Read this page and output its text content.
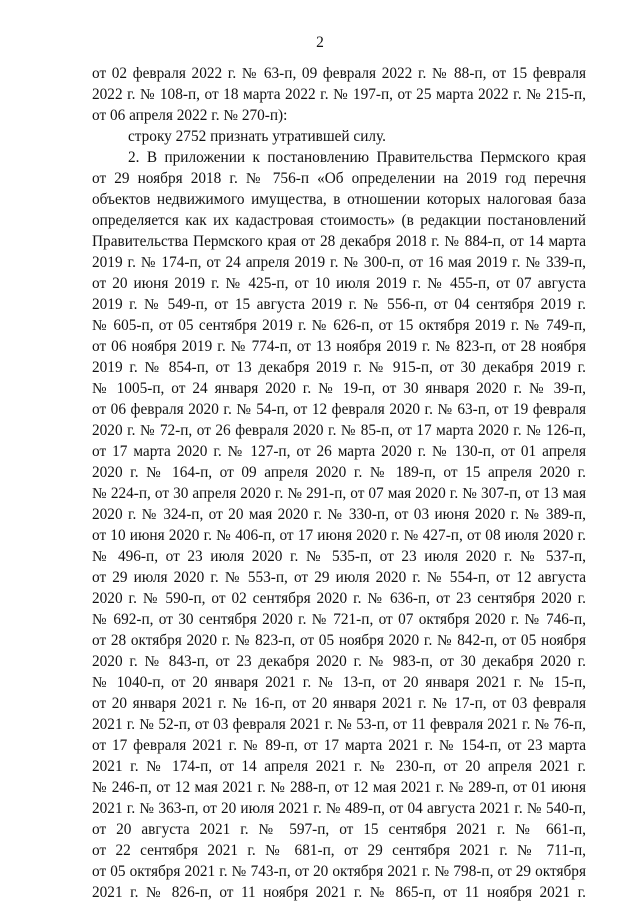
2
от 02 февраля 2022 г. № 63-п, 09 февраля 2022 г. № 88-п, от 15 февраля
2022 г. № 108-п, от 18 марта 2022 г. № 197-п, от 25 марта 2022 г. № 215-п,
от 06 апреля 2022 г. № 270-п):
строку 2752 признать утратившей силу.
2. В приложении к постановлению Правительства Пермского края
от 29 ноября 2018 г. № 756-п «Об определении на 2019 год перечня
объектов недвижимого имущества, в отношении которых налоговая база
определяется как их кадастровая стоимость» (в редакции постановлений
Правительства Пермского края от 28 декабря 2018 г. № 884-п, от 14 марта
2019 г. № 174-п, от 24 апреля 2019 г. № 300-п, от 16 мая 2019 г. № 339-п,
от 20 июня 2019 г. № 425-п, от 10 июля 2019 г. № 455-п, от 07 августа
2019 г. № 549-п, от 15 августа 2019 г. № 556-п, от 04 сентября 2019 г.
№ 605-п, от 05 сентября 2019 г. № 626-п, от 15 октября 2019 г. № 749-п,
от 06 ноября 2019 г. № 774-п, от 13 ноября 2019 г. № 823-п, от 28 ноября
2019 г. № 854-п, от 13 декабря 2019 г. № 915-п, от 30 декабря 2019 г.
№ 1005-п, от 24 января 2020 г. № 19-п, от 30 января 2020 г. № 39-п,
от 06 февраля 2020 г. № 54-п, от 12 февраля 2020 г. № 63-п, от 19 февраля
2020 г. № 72-п, от 26 февраля 2020 г. № 85-п, от 17 марта 2020 г. № 126-п,
от 17 марта 2020 г. № 127-п, от 26 марта 2020 г. № 130-п, от 01 апреля
2020 г. № 164-п, от 09 апреля 2020 г. № 189-п, от 15 апреля 2020 г.
№ 224-п, от 30 апреля 2020 г. № 291-п, от 07 мая 2020 г. № 307-п, от 13 мая
2020 г. № 324-п, от 20 мая 2020 г. № 330-п, от 03 июня 2020 г. № 389-п,
от 10 июня 2020 г. № 406-п, от 17 июня 2020 г. № 427-п, от 08 июля 2020 г.
№ 496-п, от 23 июля 2020 г. № 535-п, от 23 июля 2020 г. № 537-п,
от 29 июля 2020 г. № 553-п, от 29 июля 2020 г. № 554-п, от 12 августа
2020 г. № 590-п, от 02 сентября 2020 г. № 636-п, от 23 сентября 2020 г.
№ 692-п, от 30 сентября 2020 г. № 721-п, от 07 октября 2020 г. № 746-п,
от 28 октября 2020 г. № 823-п, от 05 ноября 2020 г. № 842-п, от 05 ноября
2020 г. № 843-п, от 23 декабря 2020 г. № 983-п, от 30 декабря 2020 г.
№ 1040-п, от 20 января 2021 г. № 13-п, от 20 января 2021 г. № 15-п,
от 20 января 2021 г. № 16-п, от 20 января 2021 г. № 17-п, от 03 февраля
2021 г. № 52-п, от 03 февраля 2021 г. № 53-п, от 11 февраля 2021 г. № 76-п,
от 17 февраля 2021 г. № 89-п, от 17 марта 2021 г. № 154-п, от 23 марта
2021 г. № 174-п, от 14 апреля 2021 г. № 230-п, от 20 апреля 2021 г.
№ 246-п, от 12 мая 2021 г. № 288-п, от 12 мая 2021 г. № 289-п, от 01 июня
2021 г. № 363-п, от 20 июля 2021 г. № 489-п, от 04 августа 2021 г. № 540-п,
от 20 августа 2021 г. № 597-п, от 15 сентября 2021 г. № 661-п,
от 22 сентября 2021 г. № 681-п, от 29 сентября 2021 г. № 711-п,
от 05 октября 2021 г. № 743-п, от 20 октября 2021 г. № 798-п, от 29 октября
2021 г. № 826-п, от 11 ноября 2021 г. № 865-п, от 11 ноября 2021 г.
